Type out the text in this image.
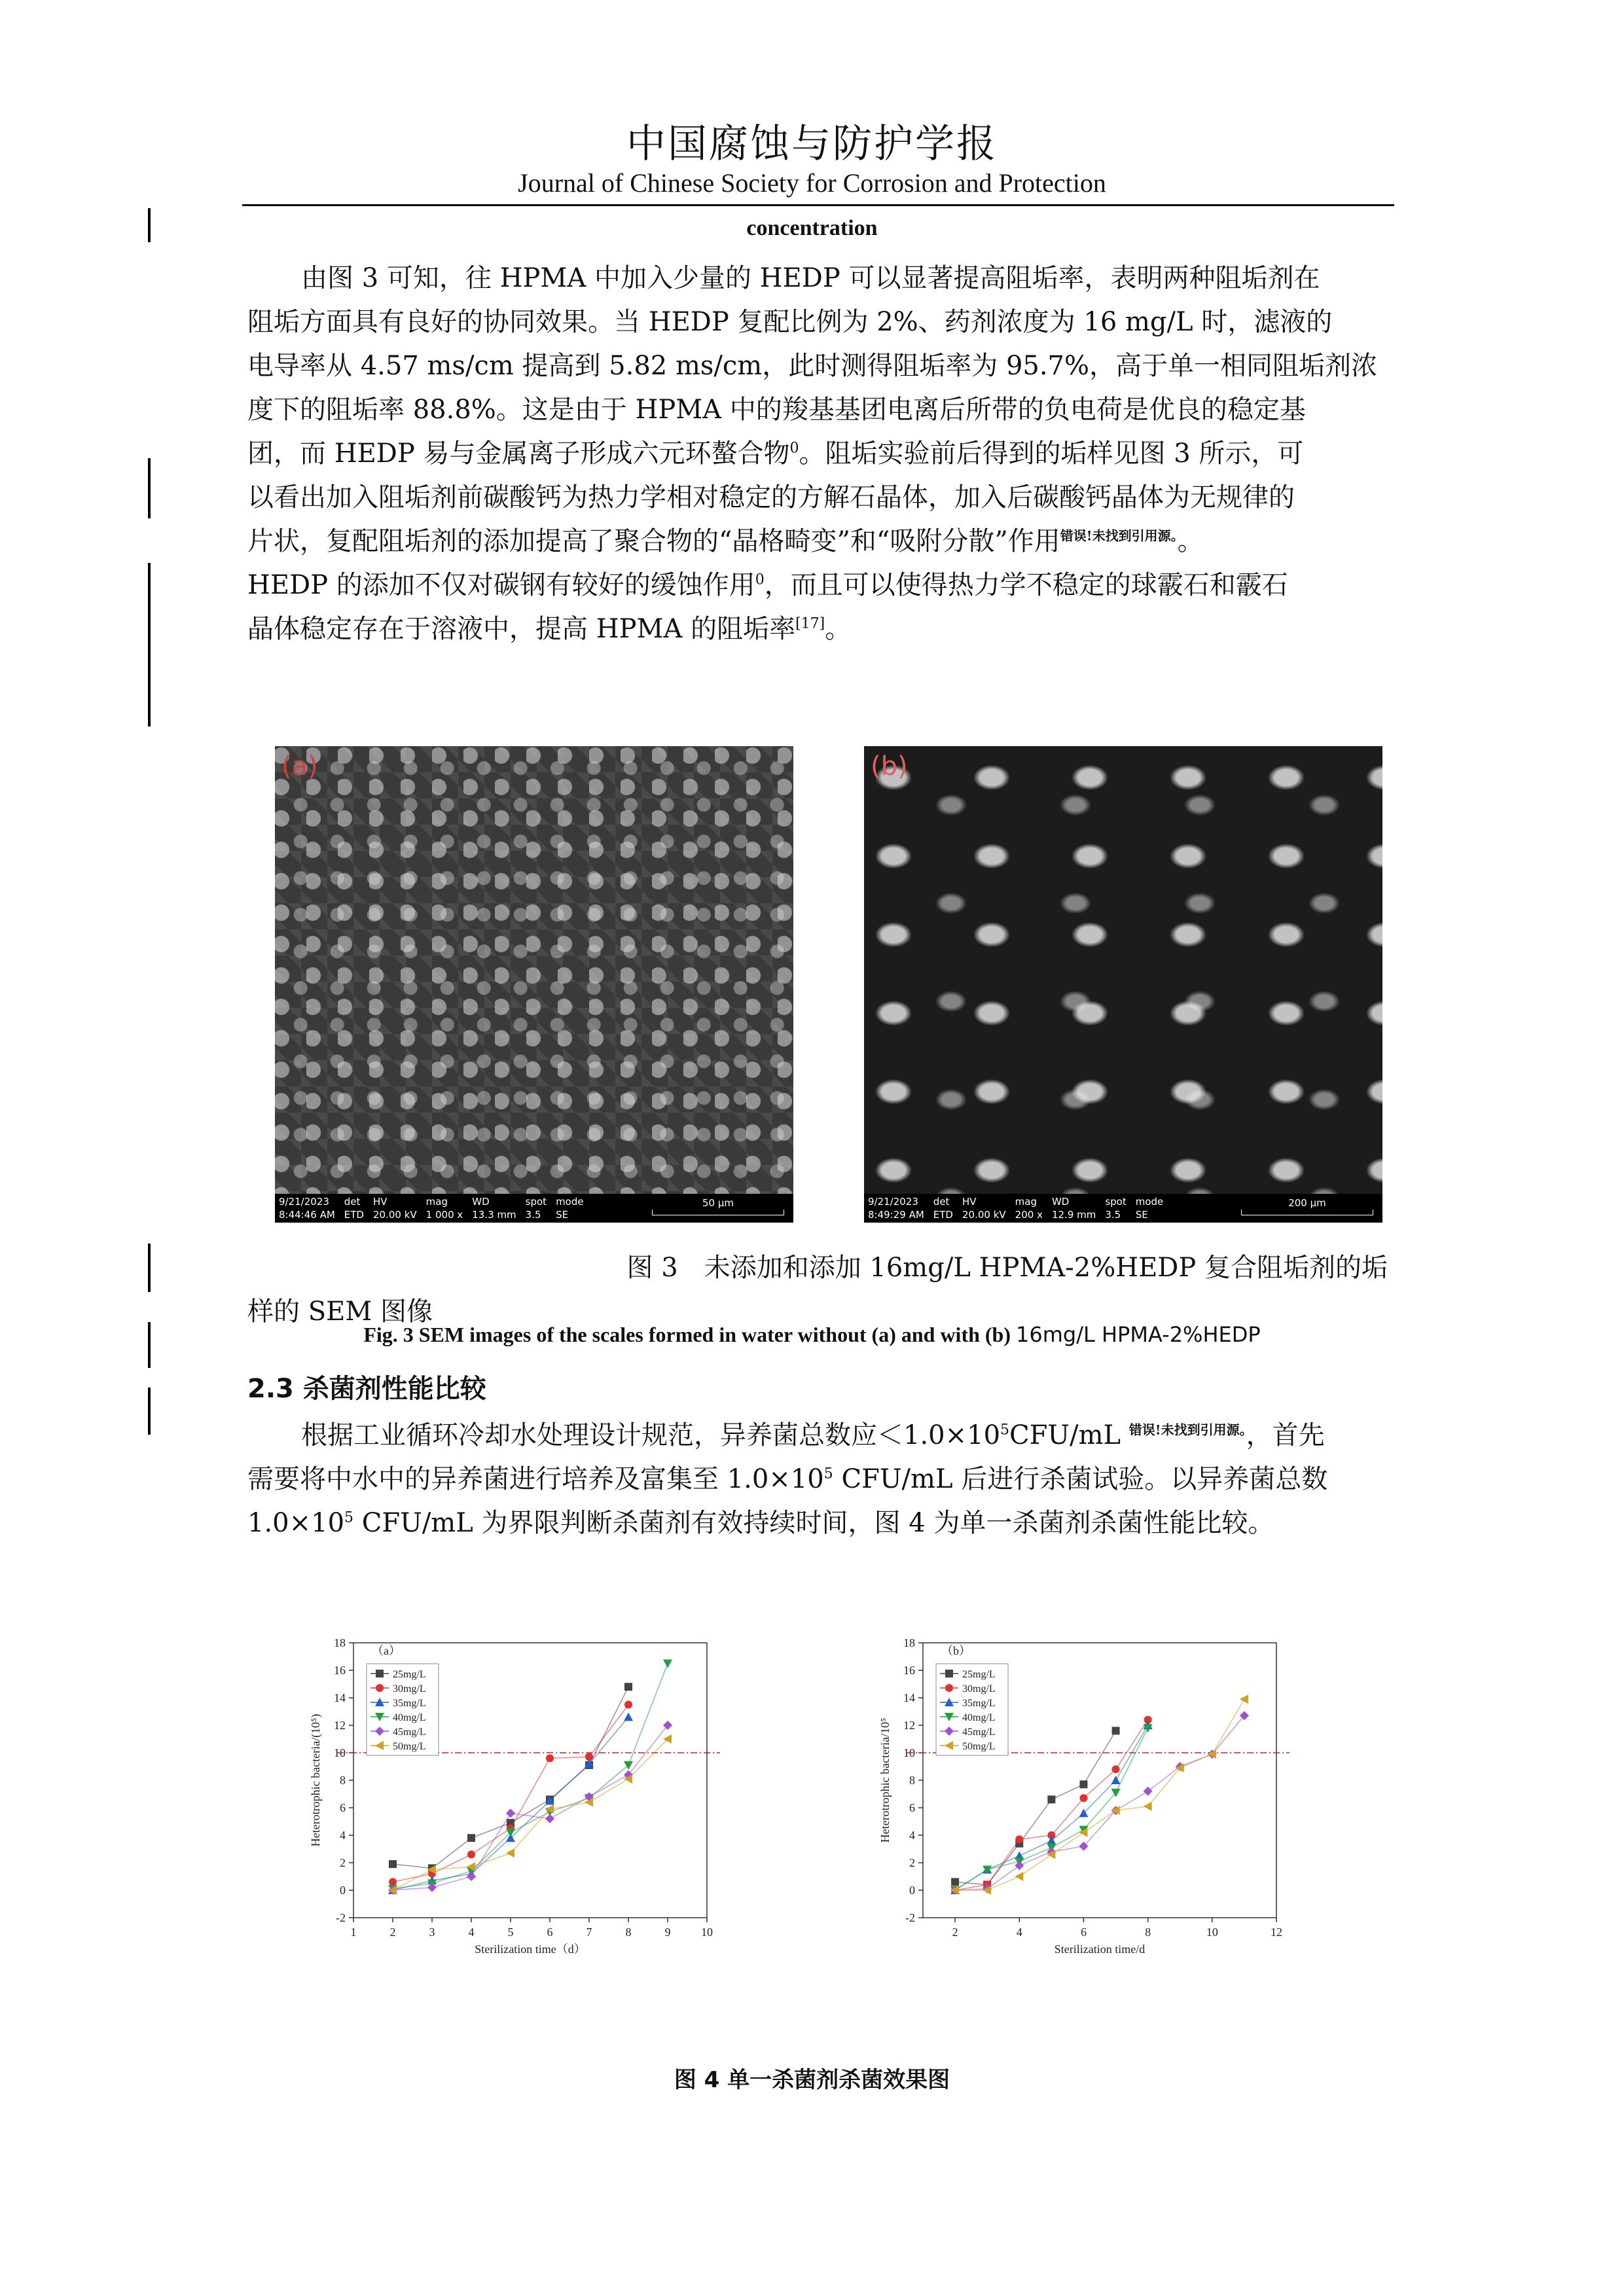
中国腐蚀与防护学报
Journal of Chinese Society for Corrosion and Protection
concentration
由图 3 可知，往 HPMA 中加入少量的 HEDP 可以显著提高阻垢率，表明两种阻垢剂在
阻垢方面具有良好的协同效果。当 HEDP 复配比例为 2%、药剂浓度为 16 mg/L 时，滤液的
电导率从 4.57 ms/cm 提高到 5.82 ms/cm，此时测得阻垢率为 95.7%，高于单一相同阻垢剂浓
度下的阻垢率 88.8%。这是由于 HPMA 中的羧基基团电离后所带的负电荷是优良的稳定基
团，而 HEDP 易与金属离子形成六元环螯合物$^0$。阻垢实验前后得到的垢样见图 3 所示，可
以看出加入阻垢剂前碳酸钙为热力学相对稳定的方解石晶体，加入后碳酸钙晶体为无规律的
片状，复配阻垢剂的添加提高了聚合物的“晶格畸变”和“吸附分散”作用$^{错误!未找到引用源。}$。
HEDP 的添加不仅对碳钢有较好的缓蚀作用$^0$，而且可以使得热力学不稳定的球霰石和霰石
晶体稳定存在于溶液中，提高 HPMA 的阻垢率[17]。
(a)
9/21/2023
8:44:46 AM
det
ETD
HV
20.00 kV
mag
1 000 x
WD
13.3 mm
spot
3.5
mode
SE
50 μm
(b)
9/21/2023
8:49:29 AM
det
ETD
HV
20.00 kV
mag
200 x
WD
12.9 mm
spot
3.5
mode
SE
200 μm
图 3　未添加和添加 16mg/L HPMA-2%HEDP 复合阻垢剂的垢
样的 SEM 图像
Fig. 3 SEM images of the scales formed in water without (a) and with (b) 16mg/L HPMA-2%HEDP
2.3 杀菌剂性能比较
根据工业循环冷却水处理设计规范，异养菌总数应$<1.0\times 10^5CFU/mL$ $^{错误!未找到引用源。}$，首先
需要将中水中的异养菌进行培养及富集至 $1.0\times 10^5$ CFU/mL 后进行杀菌试验。以异养菌总数
$1.0\times 10^5$ CFU/mL 为界限判断杀菌剂有效持续时间，图 4 为单一杀菌剂杀菌性能比较。
-2
0
2
4
6
8
10
12
14
16
18
1	2	3	4	5	6	7	8	9	10
（a）
Sterilization time（d）
Heterotrophic bacteria/(10⁵)
25mg/L
30mg/L
35mg/L
40mg/L
45mg/L
50mg/L
-2
0
2
4
6
8
10
12
14
16
18
2	4	6	8	10	12
（b）
Sterilization time/d
Heterotrophic bacteria/10⁵
25mg/L
30mg/L
35mg/L
40mg/L
45mg/L
50mg/L
图 4 单一杀菌剂杀菌效果图
